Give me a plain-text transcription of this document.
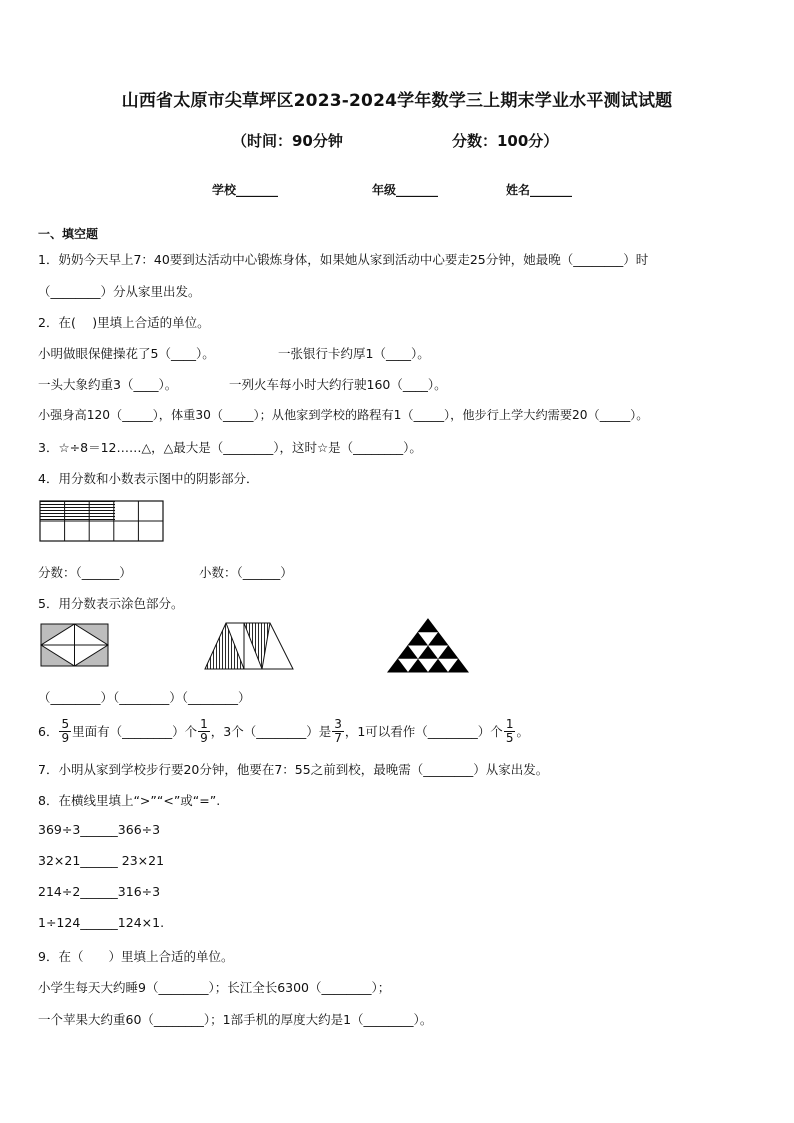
山西省太原市尖草坪区2023-2024学年数学三上期末学业水平测试试题
（时间：90分钟	分数：100分）
学校_______	年级_______	姓名_______
一、填空题
1．奶奶今天早上7：40要到达活动中心锻炼身体，如果她从家到活动中心要走25分钟，她最晚（________）时
（________）分从家里出发。
2．在(　 )里填上合适的单位。
小明做眼保健操花了5（____）。	一张银行卡约厚1（____）。
一头大象约重3（____）。	一列火车每小时大约行驶160（____）。
小强身高120（_____），体重30（_____）；从他家到学校的路程有1（_____），他步行上学大约需要20（_____）。
3．☆÷8＝12……△，△最大是（________），这时☆是（________）。
4．用分数和小数表示图中的阴影部分．
分数：（______）	小数：（______）
5．用分数表示涂色部分。
（________）（________）（________）
6． $\frac{5}{9}$ 里面有（________）个 $\frac{1}{9}$ ，3个（________）是 $\frac{3}{7}$ ，1可以看作（________）个 $\frac{1}{5}$ 。
7．小明从家到学校步行要20分钟，他要在7：55之前到校，最晚需（________）从家出发。
8．在横线里填上“>”“<”或“=”.
369÷3______366÷3
32×21______ 23×21
214÷2______316÷3
1÷124______124×1.
9．在（　　）里填上合适的单位。
小学生每天大约睡9（________）；长江全长6300（________）；
一个苹果大约重60（________）；1部手机的厚度大约是1（________）。
